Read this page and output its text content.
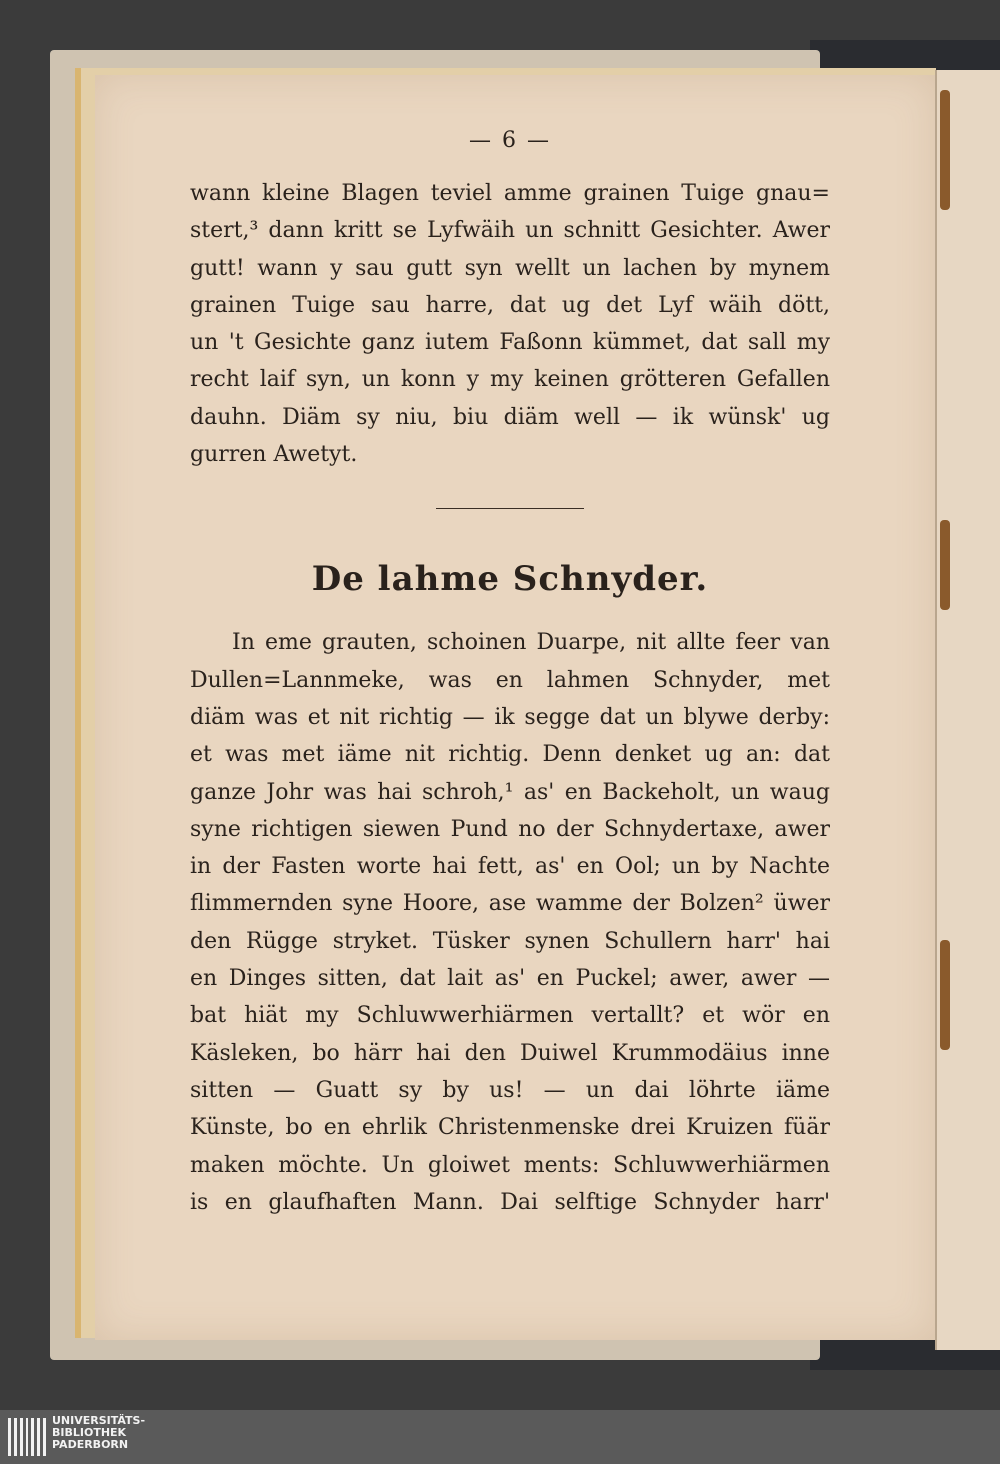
— 6 —
wann kleine Blagen teviel amme grainen Tuige gnau=
stert,³ dann kritt se Lyfwäih un schnitt Gesichter. Awer
gutt! wann y sau gutt syn wellt un lachen by mynem
grainen Tuige sau harre, dat ug det Lyf wäih dött,
un 't Gesichte ganz iutem Faßonn kümmet, dat sall my
recht laif syn, un konn y my keinen grötteren Gefallen
dauhn. Diäm sy niu, biu diäm well — ik wünsk' ug
gurren Awetyt.
De lahme Schnyder.
In eme grauten, schoinen Duarpe, nit allte feer van
Dullen=Lannmeke, was en lahmen Schnyder, met
diäm was et nit richtig — ik segge dat un blywe derby:
et was met iäme nit richtig. Denn denket ug an: dat
ganze Johr was hai schroh,¹ as' en Backeholt, un waug
syne richtigen siewen Pund no der Schnydertaxe, awer
in der Fasten worte hai fett, as' en Ool; un by Nachte
flimmernden syne Hoore, ase wamme der Bolzen² üwer
den Rügge stryket. Tüsker synen Schullern harr' hai
en Dinges sitten, dat lait as' en Puckel; awer, awer —
bat hiät my Schluwwerhiärmen vertallt? et wör en
Käsleken, bo härr hai den Duiwel Krummodäius inne
sitten — Guatt sy by us! — un dai löhrte iäme
Künste, bo en ehrlik Christenmenske drei Kruizen füär
maken möchte. Un gloiwet ments: Schluwwerhiärmen
is en glaufhaften Mann. Dai selftige Schnyder harr'
UNIVERSITÄTS-
BIBLIOTHEK
PADERBORN
